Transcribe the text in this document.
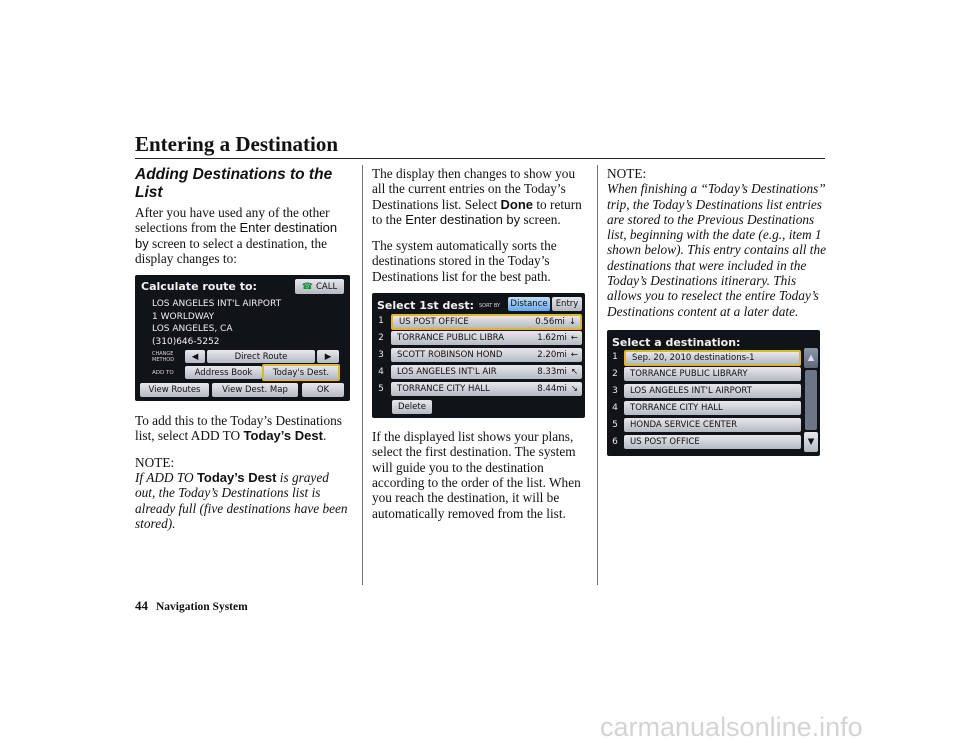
Entering a Destination
Adding Destinations to the List

After you have used any of the other selections from the Enter destination by screen to select a destination, the display changes to:

Calculate route to:	☎ CALL
LOS ANGELES INT'L AIRPORT
1 WORLDWAY
LOS ANGELES, CA
(310)646-5252
CHANGE
METHOD	◀	Direct Route	▶
ADD TO	Address Book	Today's Dest.
View Routes	View Dest. Map	OK

To add this to the Today’s Destinations list, select ADD TO Today’s Dest.

NOTE:
If ADD TO Today’s Dest is grayed out, the Today’s Destinations list is already full (five destinations have been stored).

The display then changes to show you all the current entries on the Today’s Destinations list. Select Done to return to the Enter destination by screen.

The system automatically sorts the destinations stored in the Today’s Destinations list for the best path.

Select 1st dest: SORT BY Distance Entry
1 US POST OFFICE	0.56mi ↓
2 TORRANCE PUBLIC LIBRA	1.62mi ←
3 SCOTT ROBINSON HOND	2.20mi ←
4 LOS ANGELES INT'L AIR	8.33mi ↖
5 TORRANCE CITY HALL	8.44mi ↘
Delete

If the displayed list shows your plans, select the first destination. The system will guide you to the destination according to the order of the list. When you reach the destination, it will be automatically removed from the list.

NOTE:
When finishing a “Today’s Destinations” trip, the Today’s Destinations list entries are stored to the Previous Destinations list, beginning with the date (e.g., item 1 shown below). This entry contains all the destinations that were included in the Today’s Destinations itinerary. This allows you to reselect the entire Today’s Destinations content at a later date.
Select a destination:
1	Sep. 20, 2010 destinations-1
2	TORRANCE PUBLIC LIBRARY
3	LOS ANGELES INT'L AIRPORT
4	TORRANCE CITY HALL
5	HONDA SERVICE CENTER
6	US POST OFFICE
▲
▼
44 Navigation System
carmanualsonline.info
